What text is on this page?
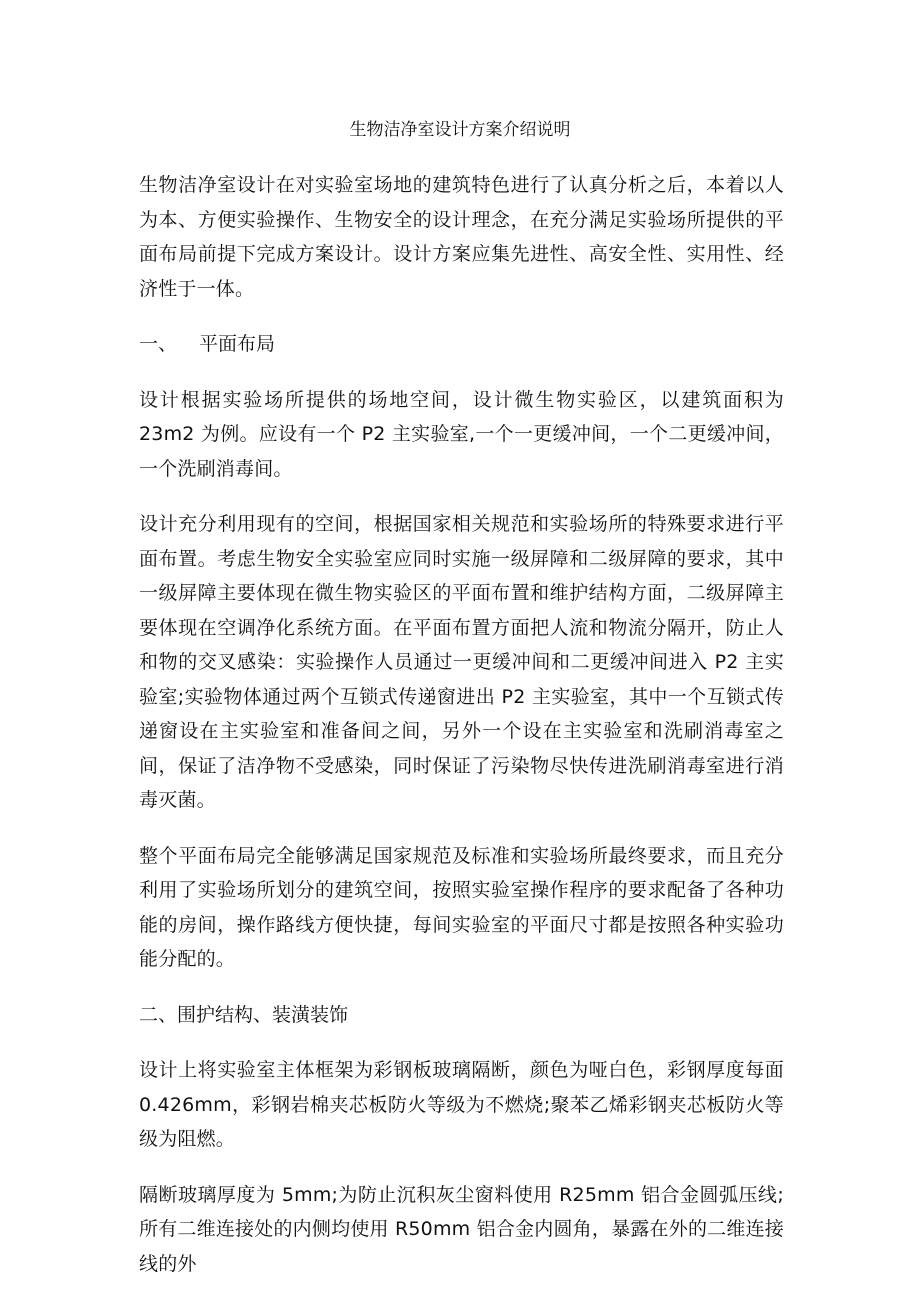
生物洁净室设计方案介绍说明

生物洁净室设计在对实验室场地的建筑特色进行了认真分析之后，本着以人为本、方便实验操作、生物安全的设计理念，在充分满足实验场所提供的平面布局前提下完成方案设计。设计方案应集先进性、高安全性、实用性、经济性于一体。

一、 平面布局

设计根据实验场所提供的场地空间，设计微生物实验区，以建筑面积为 23m2 为例。应设有一个 P2 主实验室,一个一更缓冲间，一个二更缓冲间，一个洗刷消毒间。

设计充分利用现有的空间，根据国家相关规范和实验场所的特殊要求进行平面布置。考虑生物安全实验室应同时实施一级屏障和二级屏障的要求，其中一级屏障主要体现在微生物实验区的平面布置和维护结构方面，二级屏障主要体现在空调净化系统方面。在平面布置方面把人流和物流分隔开，防止人和物的交叉感染：实验操作人员通过一更缓冲间和二更缓冲间进入 P2 主实验室;实验物体通过两个互锁式传递窗进出 P2 主实验室，其中一个互锁式传递窗设在主实验室和准备间之间，另外一个设在主实验室和洗刷消毒室之间，保证了洁净物不受感染，同时保证了污染物尽快传进洗刷消毒室进行消毒灭菌。

整个平面布局完全能够满足国家规范及标准和实验场所最终要求，而且充分利用了实验场所划分的建筑空间，按照实验室操作程序的要求配备了各种功能的房间，操作路线方便快捷，每间实验室的平面尺寸都是按照各种实验功能分配的。

二、围护结构、装潢装饰

设计上将实验室主体框架为彩钢板玻璃隔断，颜色为哑白色，彩钢厚度每面 0.426mm，彩钢岩棉夹芯板防火等级为不燃烧;聚苯乙烯彩钢夹芯板防火等级为阻燃。

隔断玻璃厚度为 5mm;为防止沉积灰尘窗料使用 R25mm 铝合金圆弧压线;所有二维连接处的内侧均使用 R50mm 铝合金内圆角，暴露在外的二维连接线的外
